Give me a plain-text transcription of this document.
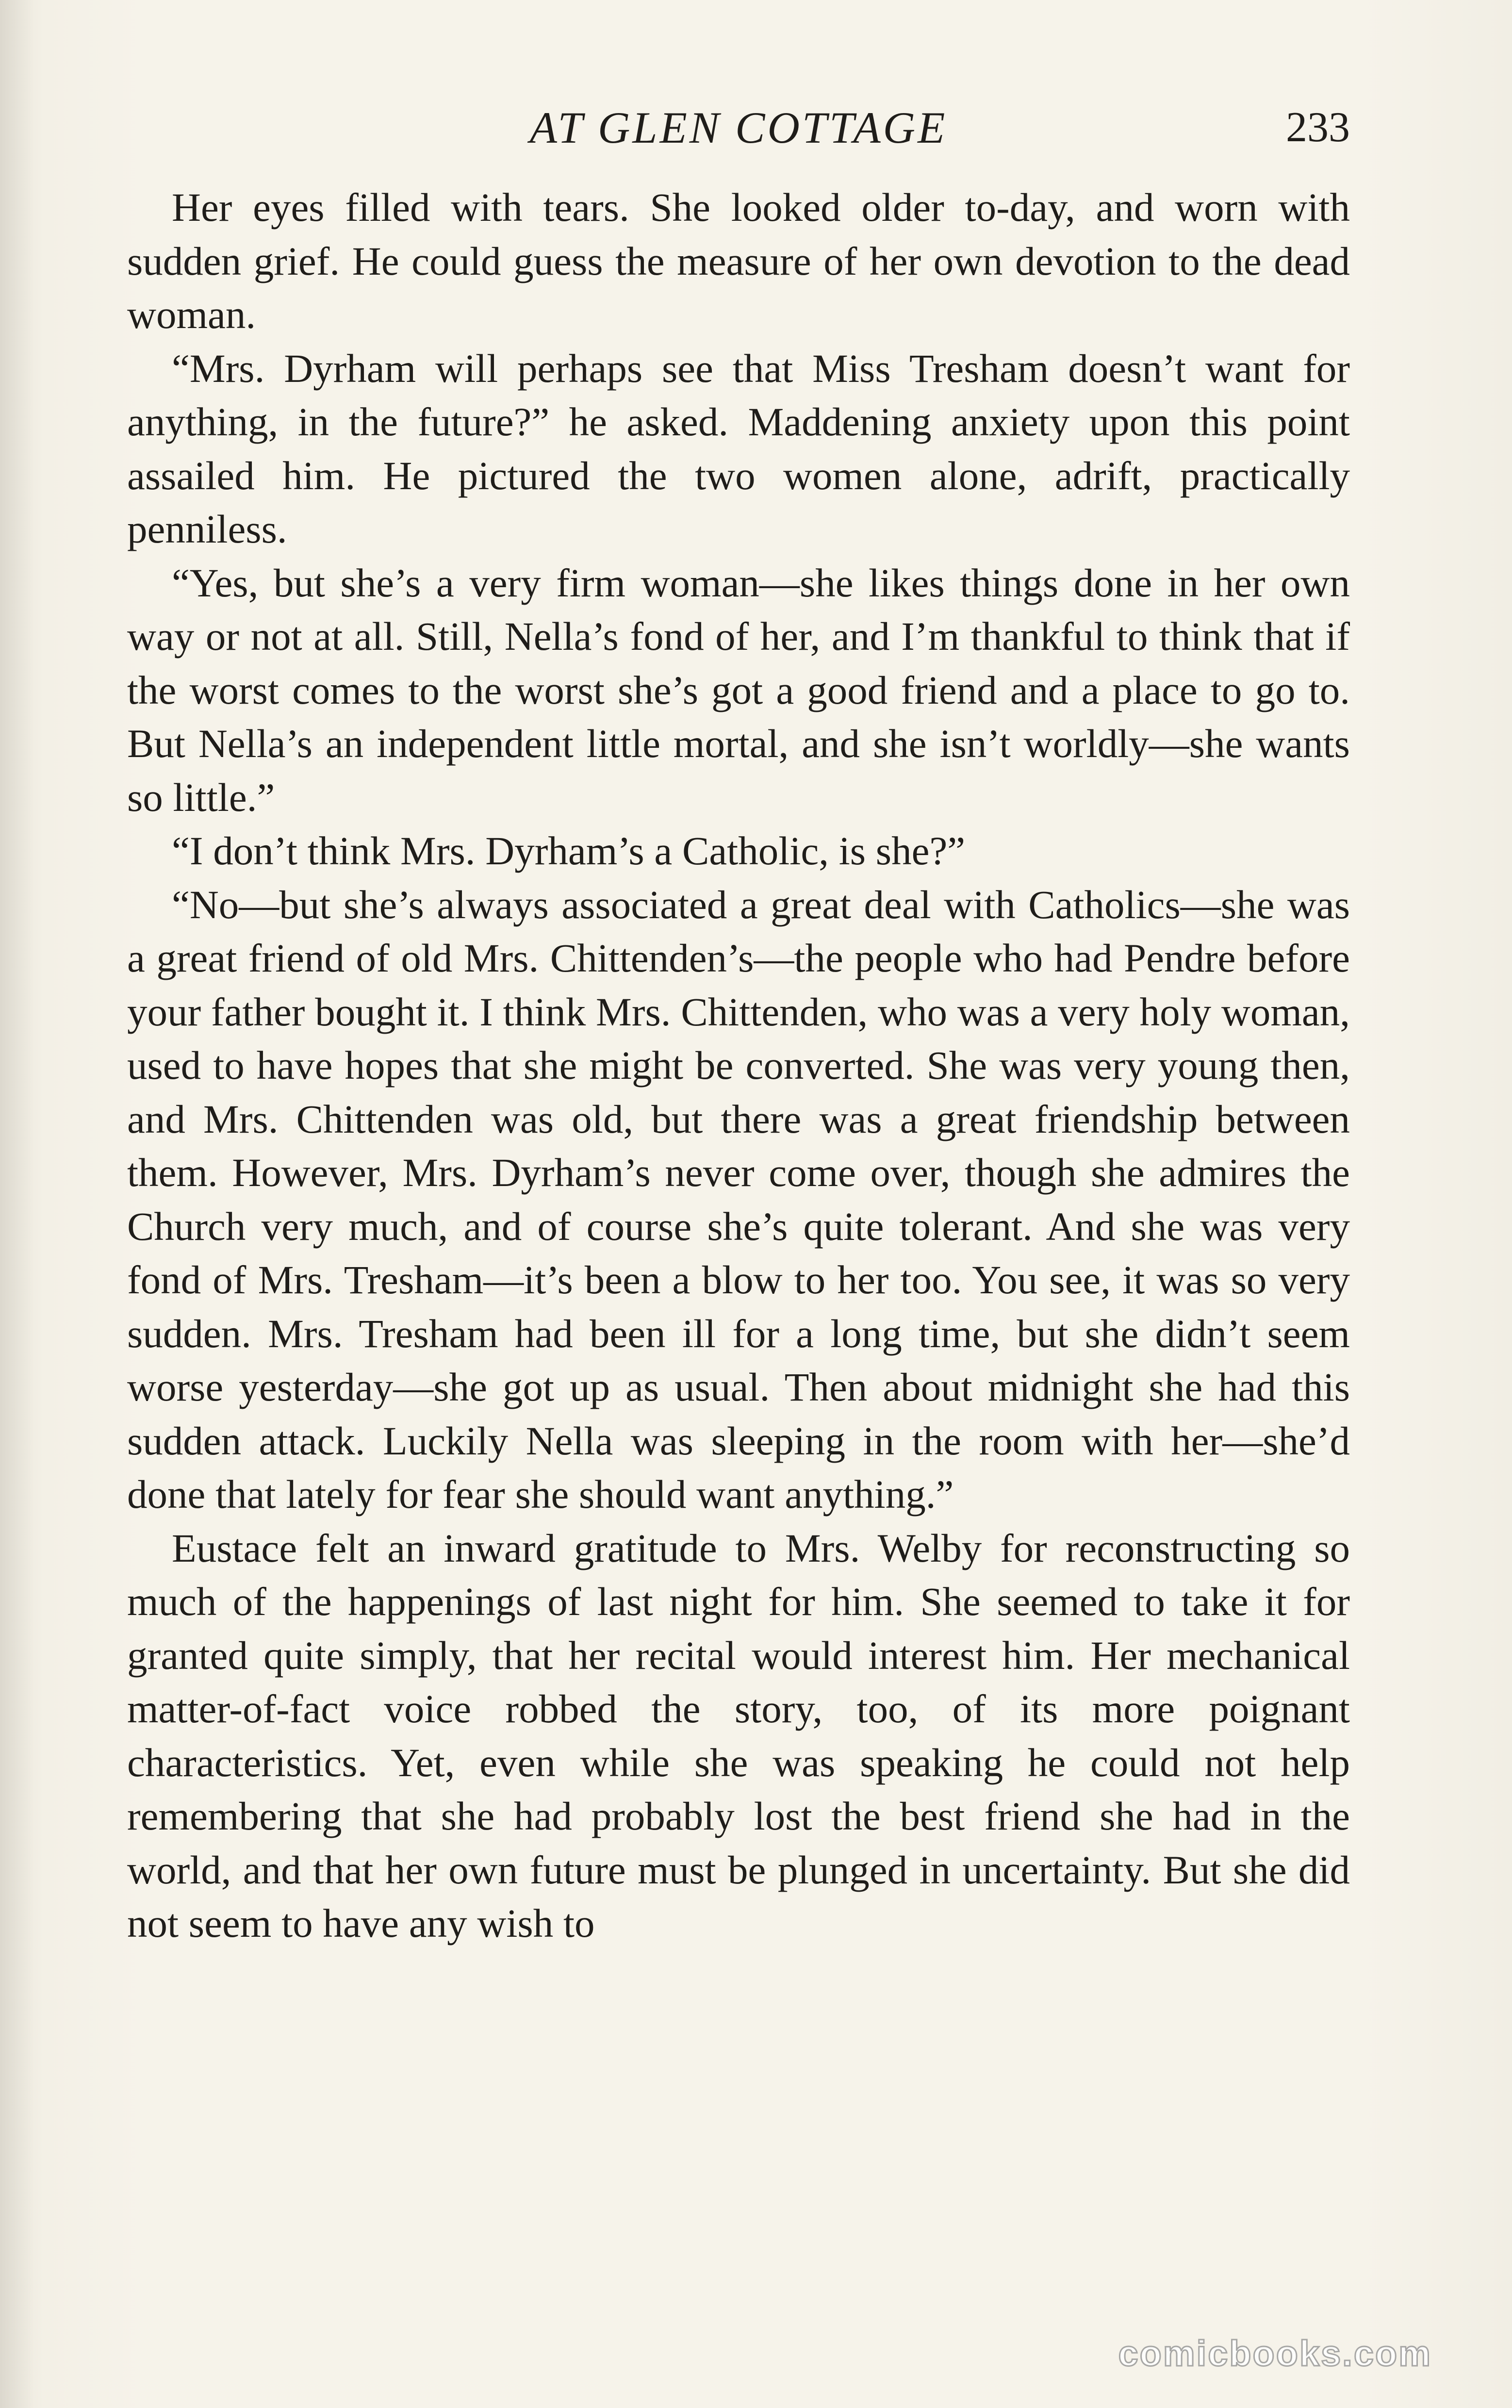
AT GLEN COTTAGE	233

Her eyes filled with tears. She looked older to-day, and worn with sudden grief. He could guess the measure of her own devotion to the dead woman.

“Mrs. Dyrham will perhaps see that Miss Tresham doesn’t want for anything, in the future?” he asked. Maddening anxiety upon this point assailed him. He pictured the two women alone, adrift, practically penniless.

“Yes, but she’s a very firm woman—she likes things done in her own way or not at all. Still, Nella’s fond of her, and I’m thankful to think that if the worst comes to the worst she’s got a good friend and a place to go to. But Nella’s an independent little mortal, and she isn’t worldly—she wants so little.”

“I don’t think Mrs. Dyrham’s a Catholic, is she?”

“No—but she’s always associated a great deal with Catholics—she was a great friend of old Mrs. Chittenden’s—the people who had Pendre before your father bought it. I think Mrs. Chittenden, who was a very holy woman, used to have hopes that she might be converted. She was very young then, and Mrs. Chittenden was old, but there was a great friendship between them. However, Mrs. Dyrham’s never come over, though she admires the Church very much, and of course she’s quite tolerant. And she was very fond of Mrs. Tresham—it’s been a blow to her too. You see, it was so very sudden. Mrs. Tresham had been ill for a long time, but she didn’t seem worse yesterday—she got up as usual. Then about midnight she had this sudden attack. Luckily Nella was sleeping in the room with her—she’d done that lately for fear she should want anything.”

Eustace felt an inward gratitude to Mrs. Welby for reconstructing so much of the happenings of last night for him. She seemed to take it for granted quite simply, that her recital would interest him. Her mechanical matter-of-fact voice robbed the story, too, of its more poignant characteristics. Yet, even while she was speaking he could not help remembering that she had probably lost the best friend she had in the world, and that her own future must be plunged in uncertainty. But she did not seem to have any wish to

comicbooks.com
